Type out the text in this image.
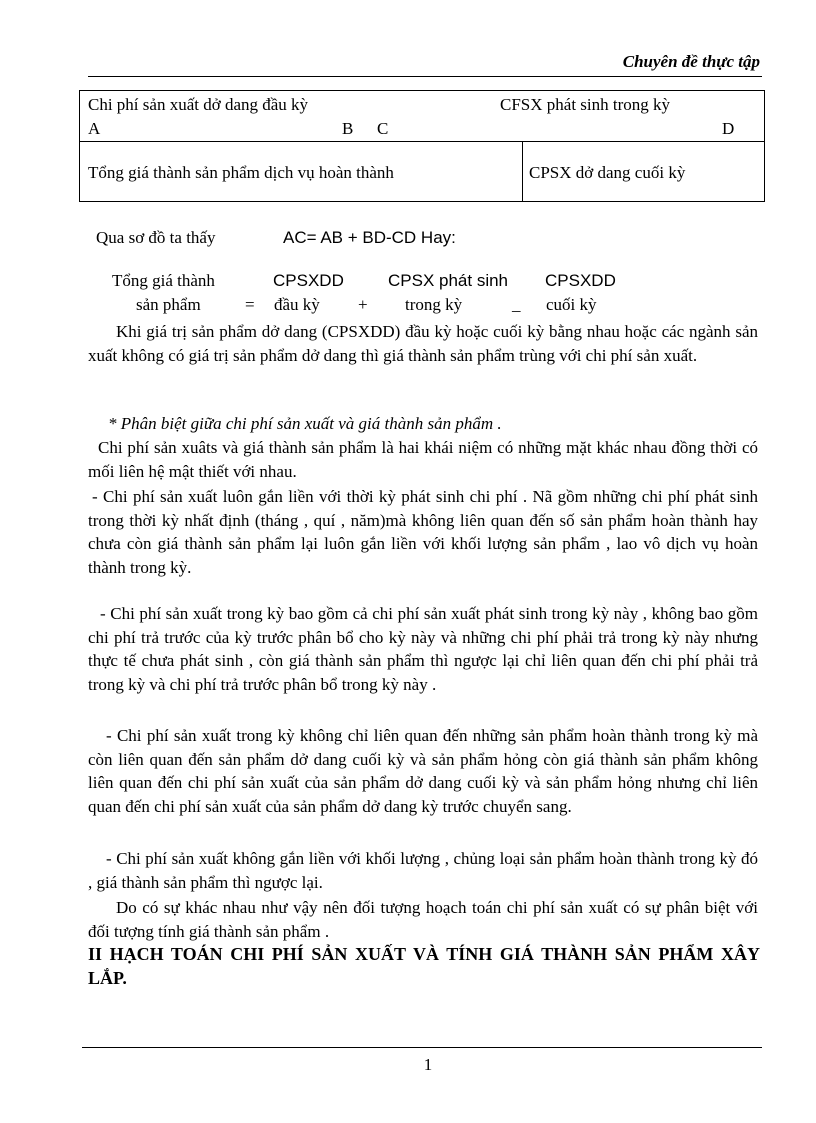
Chuyên đề thực tập
Chi phí sản xuất dở dang đầu kỳ	CFSX phát sinh trong kỳ
A	B C	D
Tổng giá thành sản phẩm dịch vụ hoàn thành	CPSX dở dang cuối kỳ
Qua sơ đồ ta thấy	AC= AB + BD-CD Hay:
Tổng giá thành
sản phẩm	=
CPSXDD
đầu kỳ +
CPSX phát sinh
trong kỳ	_
CPSXDD
cuối kỳ

Khi giá trị sản phẩm dở dang (CPSXDD) đầu kỳ hoặc cuối kỳ bằng nhau hoặc các ngành sản xuất không có giá trị sản phẩm dở dang thì giá thành sản phẩm trùng với chi phí sản xuất.

* Phân biệt giữa chi phí sản xuất và giá thành sản phẩm .

Chi phí sản xuâts và giá thành sản phẩm là hai khái niệm có những mặt khác nhau đồng thời có mối liên hệ mật thiết với nhau.

- Chi phí sản xuất luôn gắn liền với thời kỳ phát sinh chi phí . Nã gồm những chi phí phát sinh trong thời kỳ nhất định (tháng , quí , năm)mà không liên quan đến số sản phẩm hoàn thành hay chưa còn giá thành sản phẩm lại luôn gắn liền với khối lượng sản phẩm , lao vô dịch vụ hoàn thành trong kỳ.

- Chi phí sản xuất trong kỳ bao gồm cả chi phí sản xuất phát sinh trong kỳ này , không bao gồm chi phí trả trước của kỳ trước phân bổ cho kỳ này và những chi phí phải trả trong kỳ này nhưng thực tế chưa phát sinh , còn giá thành sản phẩm thì ngược lại chỉ liên quan đến chi phí phải trả trong kỳ và chi phí trả trước phân bổ trong kỳ này .

- Chi phí sản xuất trong kỳ không chỉ liên quan đến những sản phẩm hoàn thành trong kỳ mà còn liên quan đến sản phẩm dở dang cuối kỳ và sản phẩm hỏng còn giá thành sản phẩm không liên quan đến chi phí sản xuất của sản phẩm dở dang cuối kỳ và sản phẩm hỏng nhưng chỉ liên quan đến chi phí sản xuất của sản phẩm dở dang kỳ trước chuyển sang.

- Chi phí sản xuất không gắn liền với khối lượng , chủng loại sản phẩm hoàn thành trong kỳ đó , giá thành sản phẩm thì ngược lại.

Do có sự khác nhau như vậy nên đối tượng hoạch toán chi phí sản xuất có sự phân biệt với đối tượng tính giá thành sản phẩm .

II HẠCH TOÁN CHI PHÍ SẢN XUẤT VÀ TÍNH GIÁ THÀNH SẢN PHẨM XÂY LẮP.

1
